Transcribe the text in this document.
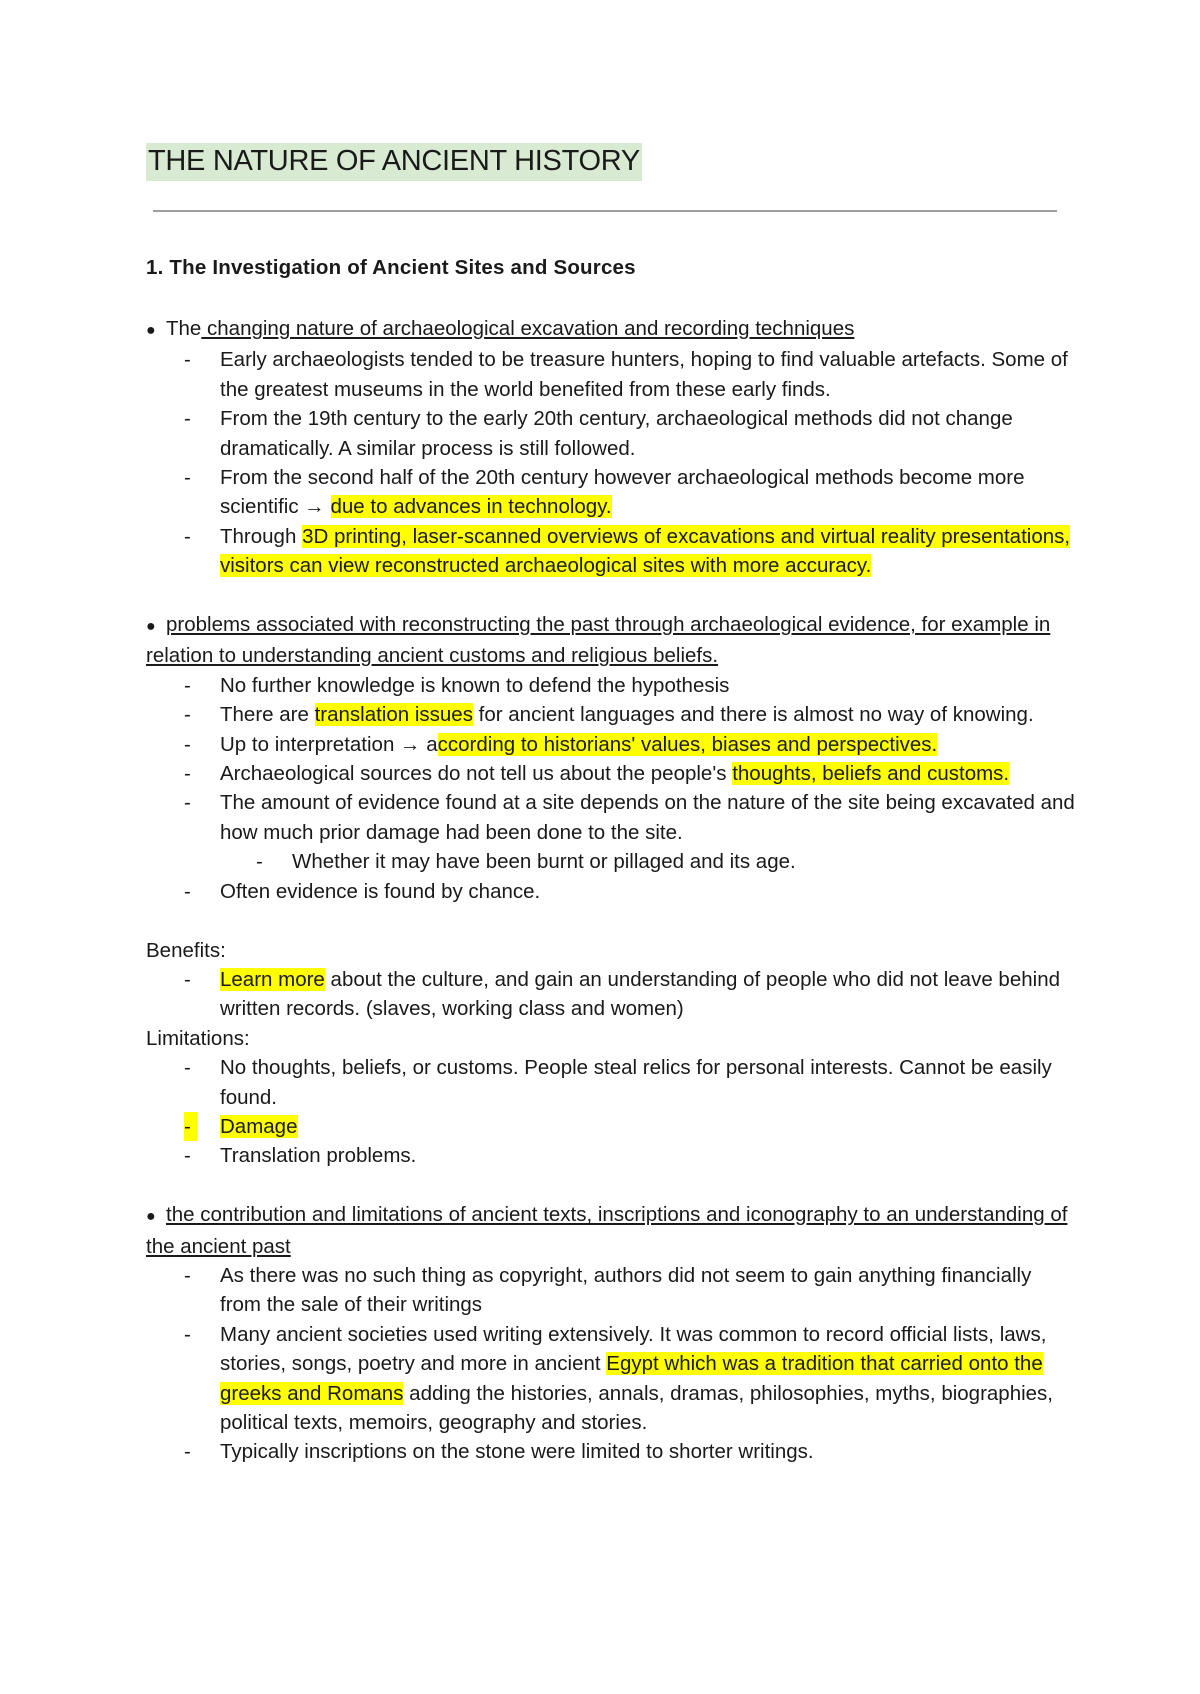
THE NATURE OF ANCIENT HISTORY
1. The Investigation of Ancient Sites and Sources
● The changing nature of archaeological excavation and recording techniques
- Early archaeologists tended to be treasure hunters, hoping to find valuable artefacts. Some of the greatest museums in the world benefited from these early finds.
- From the 19th century to the early 20th century, archaeological methods did not change dramatically. A similar process is still followed.
- From the second half of the 20th century however archaeological methods become more scientific → due to advances in technology.
- Through 3D printing, laser-scanned overviews of excavations and virtual reality presentations, visitors can view reconstructed archaeological sites with more accuracy.
● problems associated with reconstructing the past through archaeological evidence, for example in relation to understanding ancient customs and religious beliefs.
- No further knowledge is known to defend the hypothesis
- There are translation issues for ancient languages and there is almost no way of knowing.
- Up to interpretation → according to historians' values, biases and perspectives.
- Archaeological sources do not tell us about the people's thoughts, beliefs and customs.
- The amount of evidence found at a site depends on the nature of the site being excavated and how much prior damage had been done to the site.
- Whether it may have been burnt or pillaged and its age.
- Often evidence is found by chance.
Benefits:
- Learn more about the culture, and gain an understanding of people who did not leave behind written records. (slaves, working class and women)
Limitations:
- No thoughts, beliefs, or customs. People steal relics for personal interests. Cannot be easily found.
- Damage
- Translation problems.
● the contribution and limitations of ancient texts, inscriptions and iconography to an understanding of the ancient past
- As there was no such thing as copyright, authors did not seem to gain anything financially from the sale of their writings
- Many ancient societies used writing extensively. It was common to record official lists, laws, stories, songs, poetry and more in ancient Egypt which was a tradition that carried onto the greeks and Romans adding the histories, annals, dramas, philosophies, myths, biographies, political texts, memoirs, geography and stories.
- Typically inscriptions on the stone were limited to shorter writings.
